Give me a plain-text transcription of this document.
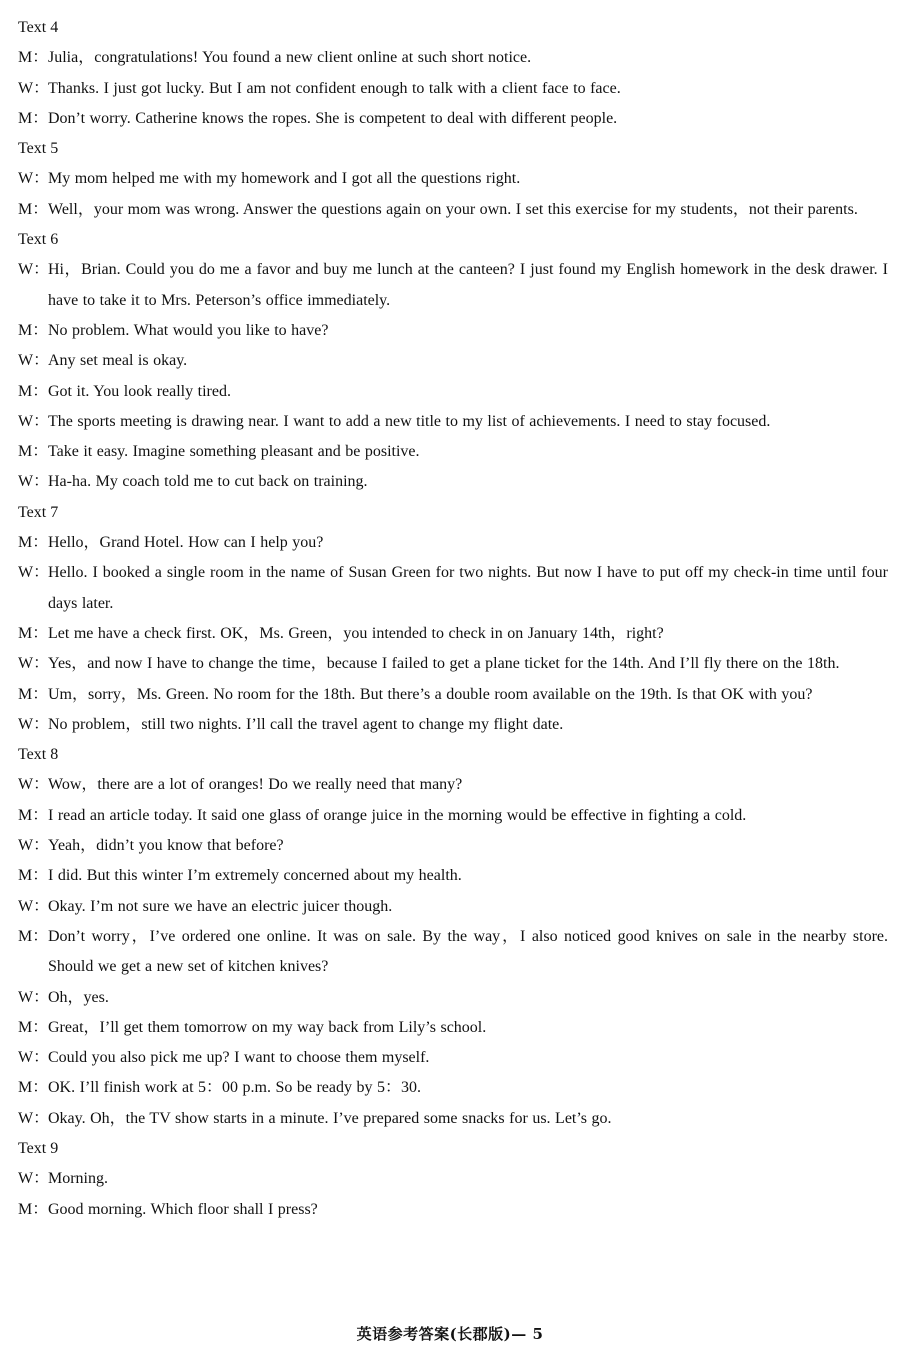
Text 4
M：Julia，congratulations! You found a new client online at such short notice.
W：Thanks. I just got lucky. But I am not confident enough to talk with a client face to face.
M：Don’t worry. Catherine knows the ropes. She is competent to deal with different people.
Text 5
W：My mom helped me with my homework and I got all the questions right.
M：Well，your mom was wrong. Answer the questions again on your own. I set this exercise for my students，not their parents.
Text 6
W：Hi，Brian. Could you do me a favor and buy me lunch at the canteen? I just found my English homework in the desk drawer. I have to take it to Mrs. Peterson’s office immediately.
M：No problem. What would you like to have?
W：Any set meal is okay.
M：Got it. You look really tired.
W：The sports meeting is drawing near. I want to add a new title to my list of achievements. I need to stay focused.
M：Take it easy. Imagine something pleasant and be positive.
W：Ha-ha. My coach told me to cut back on training.
Text 7
M：Hello，Grand Hotel. How can I help you?
W：Hello. I booked a single room in the name of Susan Green for two nights. But now I have to put off my check-in time until four days later.
M：Let me have a check first. OK，Ms. Green，you intended to check in on January 14th，right?
W：Yes，and now I have to change the time，because I failed to get a plane ticket for the 14th. And I’ll fly there on the 18th.
M：Um，sorry，Ms. Green. No room for the 18th. But there’s a double room available on the 19th. Is that OK with you?
W：No problem，still two nights. I’ll call the travel agent to change my flight date.
Text 8
W：Wow，there are a lot of oranges! Do we really need that many?
M：I read an article today. It said one glass of orange juice in the morning would be effective in fighting a cold.
W：Yeah，didn’t you know that before?
M：I did. But this winter I’m extremely concerned about my health.
W：Okay. I’m not sure we have an electric juicer though.
M：Don’t worry，I’ve ordered one online. It was on sale. By the way，I also noticed good knives on sale in the nearby store. Should we get a new set of kitchen knives?
W：Oh，yes.
M：Great，I’ll get them tomorrow on my way back from Lily’s school.
W：Could you also pick me up? I want to choose them myself.
M：OK. I’ll finish work at 5：00 p.m. So be ready by 5：30.
W：Okay. Oh，the TV show starts in a minute. I’ve prepared some snacks for us. Let’s go.
Text 9
W：Morning.
M：Good morning. Which floor shall I press?
英语参考答案(长郡版)— 5
